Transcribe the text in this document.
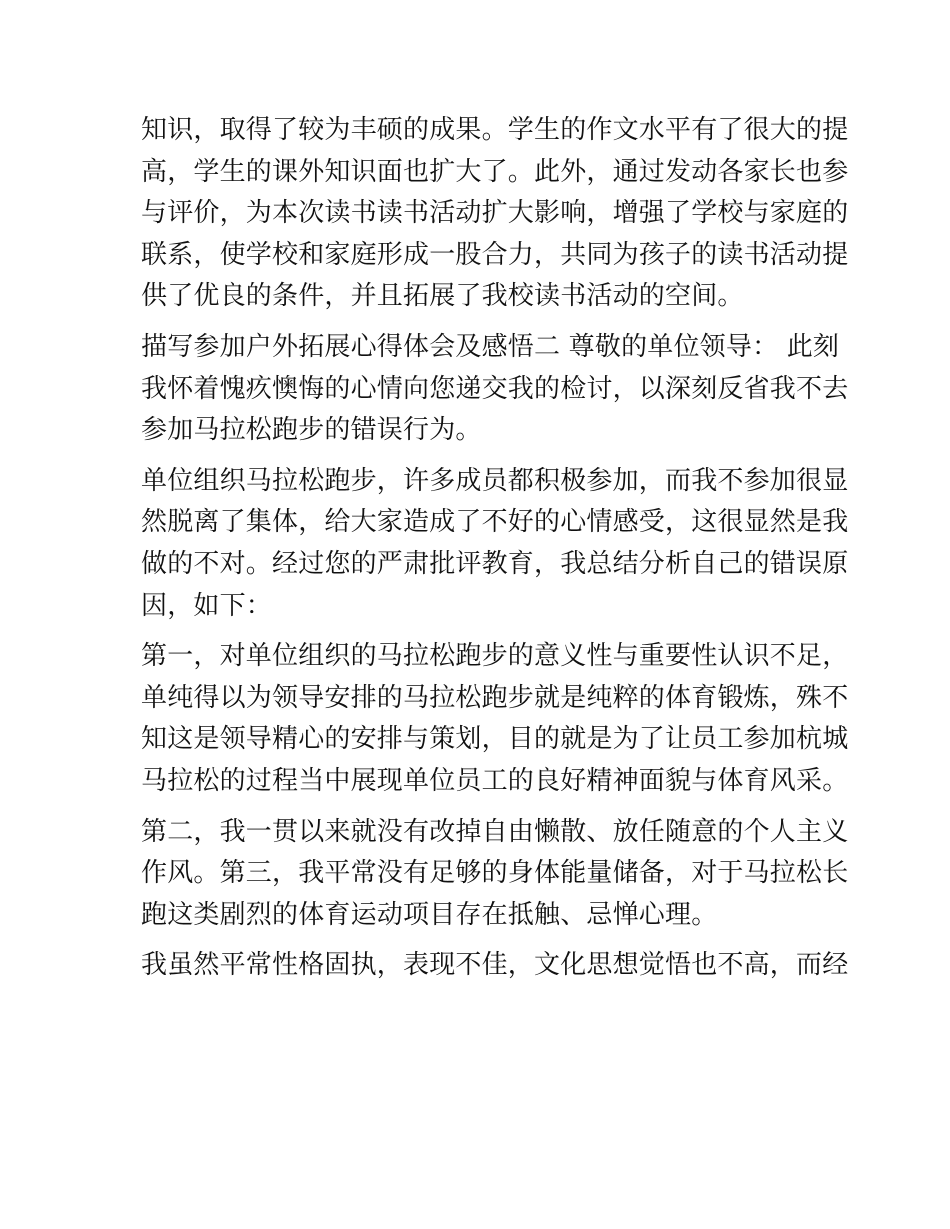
知识，取得了较为丰硕的成果。学生的作文水平有了很大的提
高，学生的课外知识面也扩大了。此外，通过发动各家长也参
与评价，为本次读书读书活动扩大影响，增强了学校与家庭的
联系，使学校和家庭形成一股合力，共同为孩子的读书活动提
供了优良的条件，并且拓展了我校读书活动的空间。
描写参加户外拓展心得体会及感悟二 尊敬的单位领导： 此刻
我怀着愧疚懊悔的心情向您递交我的检讨，以深刻反省我不去
参加马拉松跑步的错误行为。
单位组织马拉松跑步，许多成员都积极参加，而我不参加很显
然脱离了集体，给大家造成了不好的心情感受，这很显然是我
做的不对。经过您的严肃批评教育，我总结分析自己的错误原
因，如下：
第一，对单位组织的马拉松跑步的意义性与重要性认识不足，
单纯得以为领导安排的马拉松跑步就是纯粹的体育锻炼，殊不
知这是领导精心的安排与策划，目的就是为了让员工参加杭城
马拉松的过程当中展现单位员工的良好精神面貌与体育风采。
第二，我一贯以来就没有改掉自由懒散、放任随意的个人主义
作风。第三，我平常没有足够的身体能量储备，对于马拉松长
跑这类剧烈的体育运动项目存在抵触、忌惮心理。
我虽然平常性格固执，表现不佳，文化思想觉悟也不高，而经
